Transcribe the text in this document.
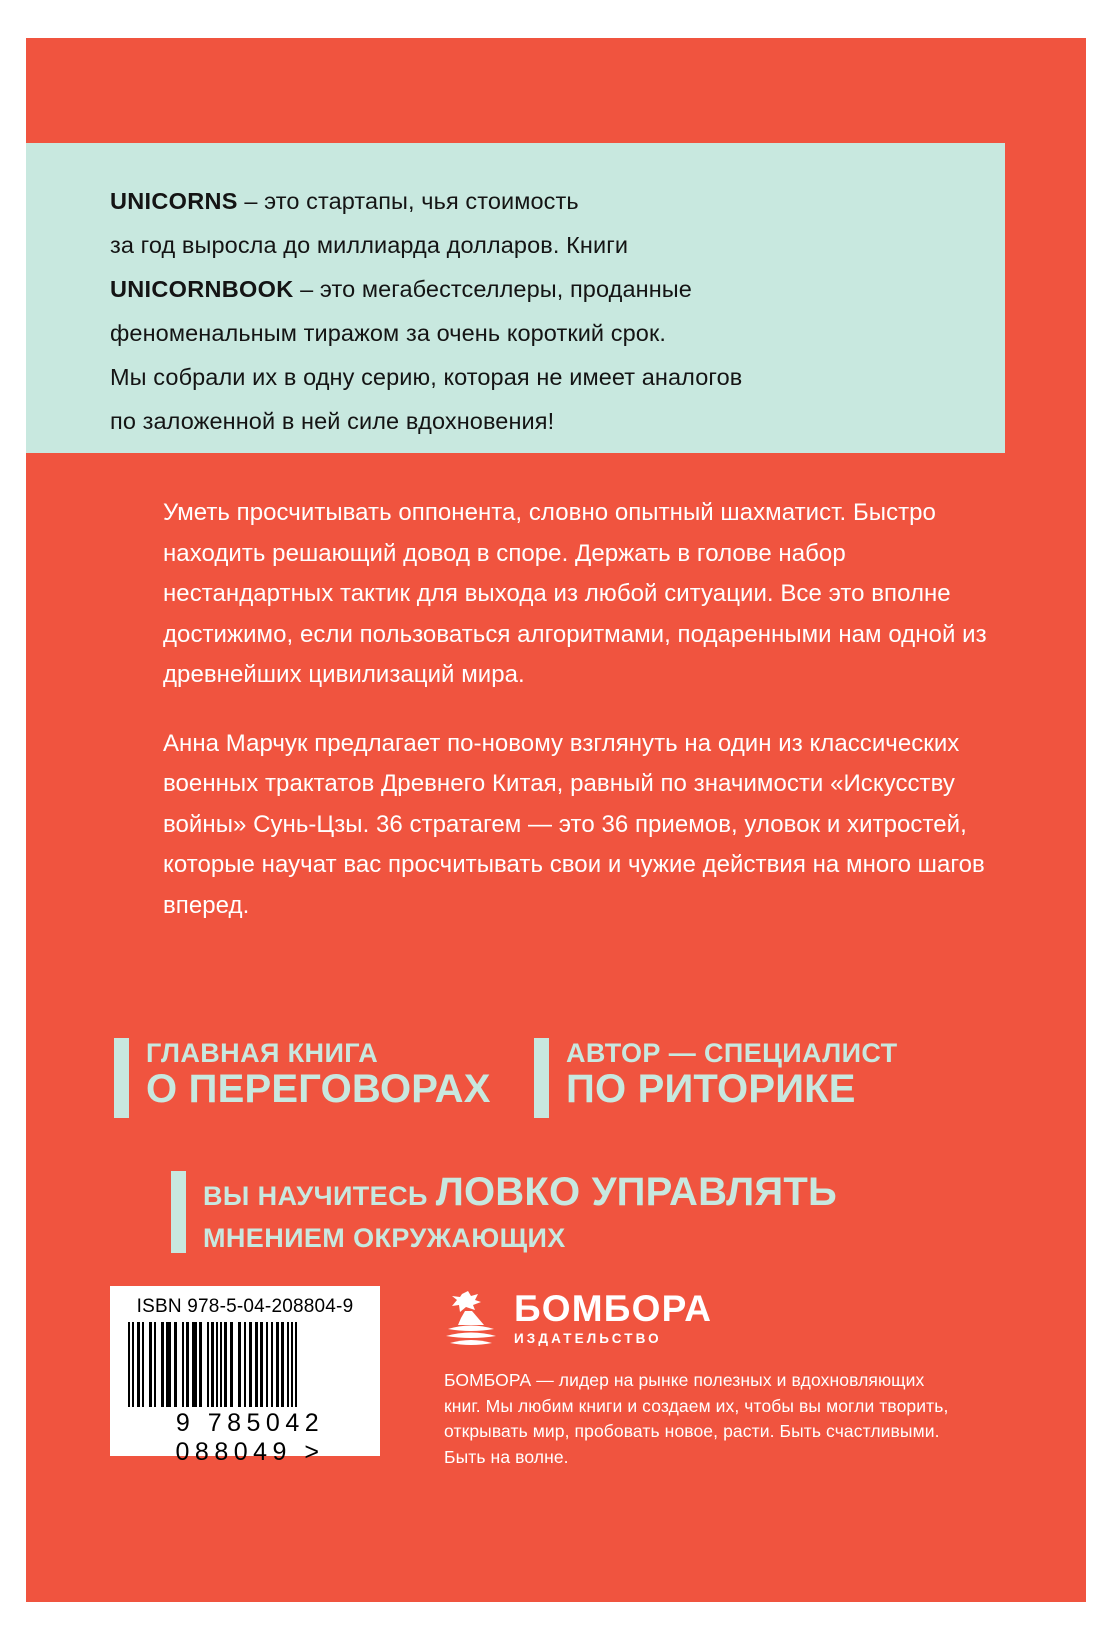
UNICORNS – это стартапы, чья стоимость
за год выросла до миллиарда долларов. Книги
UNICORNBOOK – это мегабестселлеры, проданные
феноменальным тиражом за очень короткий срок.
Мы собрали их в одну серию, которая не имеет аналогов
по заложенной в ней силе вдохновения!

Уметь просчитывать оппонента, словно опытный шахматист. Быстро находить решающий довод в споре. Держать в голове набор нестандартных тактик для выхода из любой ситуации. Все это вполне достижимо, если пользоваться алгоритмами, подаренными нам одной из древнейших цивилизаций мира.

Анна Марчук предлагает по-новому взглянуть на один из классических военных трактатов Древнего Китая, равный по значимости «Искусству войны» Сунь-Цзы. 36 стратагем — это 36 приемов, уловок и хитростей, которые научат вас просчитывать свои и чужие действия на много шагов вперед.

ГЛАВНАЯ КНИГА
О ПЕРЕГОВОРАХ
АВТОР — СПЕЦИАЛИСТ
ПО РИТОРИКЕ
ВЫ НАУЧИТЕСЬ ЛОВКО УПРАВЛЯТЬ
МНЕНИЕМ ОКРУЖАЮЩИХ
ISBN 978-5-04-208804-9
9 785042 088049 >
БОМБОРА
ИЗДАТЕЛЬСТВО
БОМБОРА — лидер на рынке полезных и вдохновляющих книг. Мы любим книги и создаем их, чтобы вы могли творить, открывать мир, пробовать новое, расти. Быть счастливыми. Быть на волне.
